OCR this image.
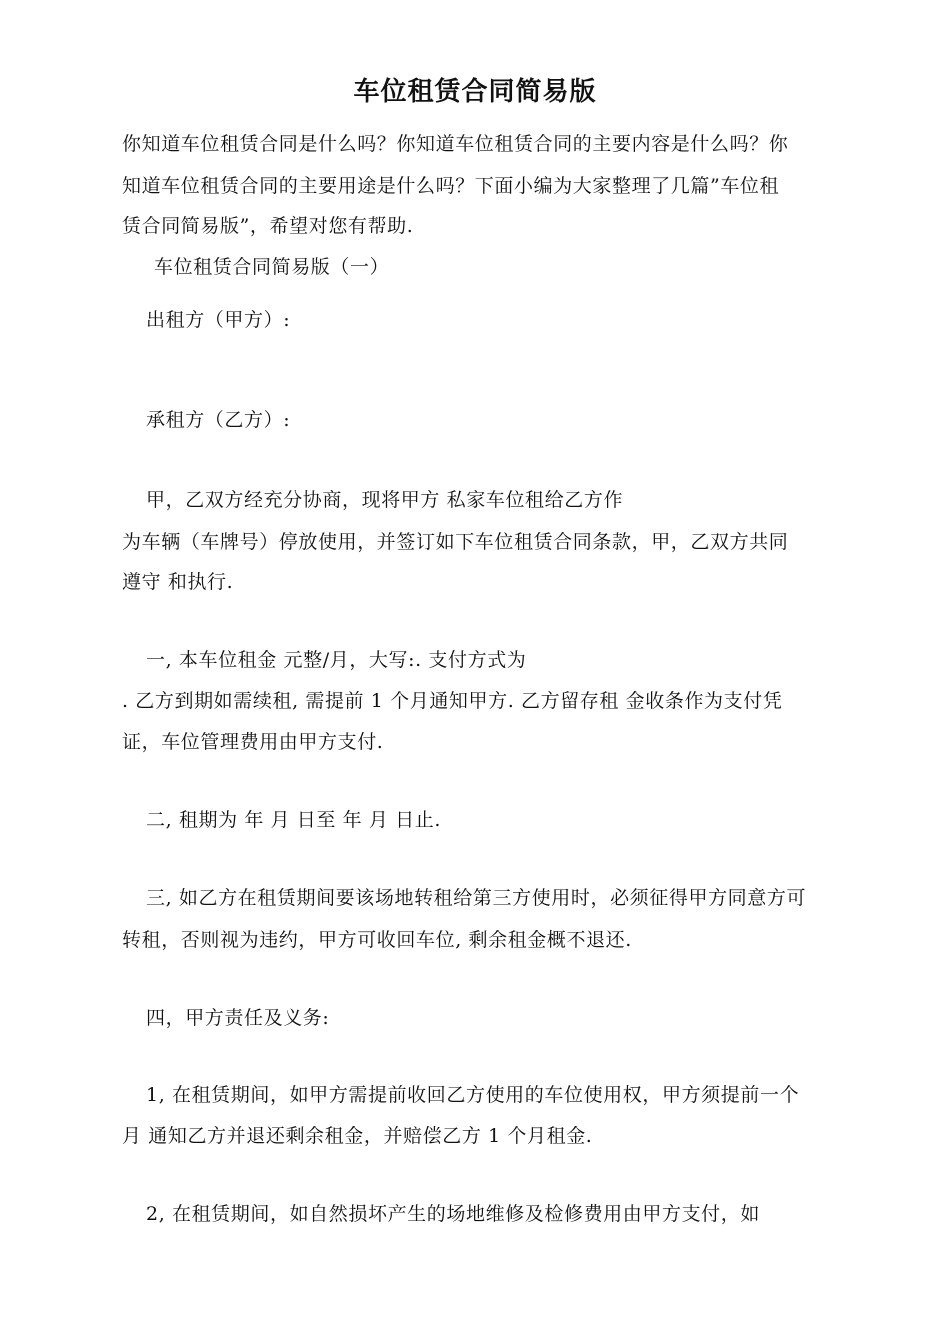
车位租赁合同简易版

你知道车位租赁合同是什么吗？你知道车位租赁合同的主要内容是什么吗？你

知道车位租赁合同的主要用途是什么吗？下面小编为大家整理了几篇”车位租

赁合同简易版”，希望对您有帮助.

车位租赁合同简易版（一）

出租方（甲方）:

承租方（乙方）:

甲，乙双方经充分协商，现将甲方 私家车位租给乙方作

为车辆（车牌号）停放使用，并签订如下车位租赁合同条款，甲，乙双方共同

遵守 和执行.

一, 本车位租金 元整/月，大写:. 支付方式为

. 乙方到期如需续租, 需提前 1 个月通知甲方. 乙方留存租 金收条作为支付凭

证，车位管理费用由甲方支付.

二, 租期为 年 月 日至 年 月 日止.

三, 如乙方在租赁期间要该场地转租给第三方使用时，必须征得甲方同意方可

转租，否则视为违约，甲方可收回车位, 剩余租金概不退还.

四，甲方责任及义务:

1, 在租赁期间，如甲方需提前收回乙方使用的车位使用权，甲方须提前一个

月 通知乙方并退还剩余租金，并赔偿乙方 1 个月租金.

2, 在租赁期间，如自然损坏产生的场地维修及检修费用由甲方支付，如
